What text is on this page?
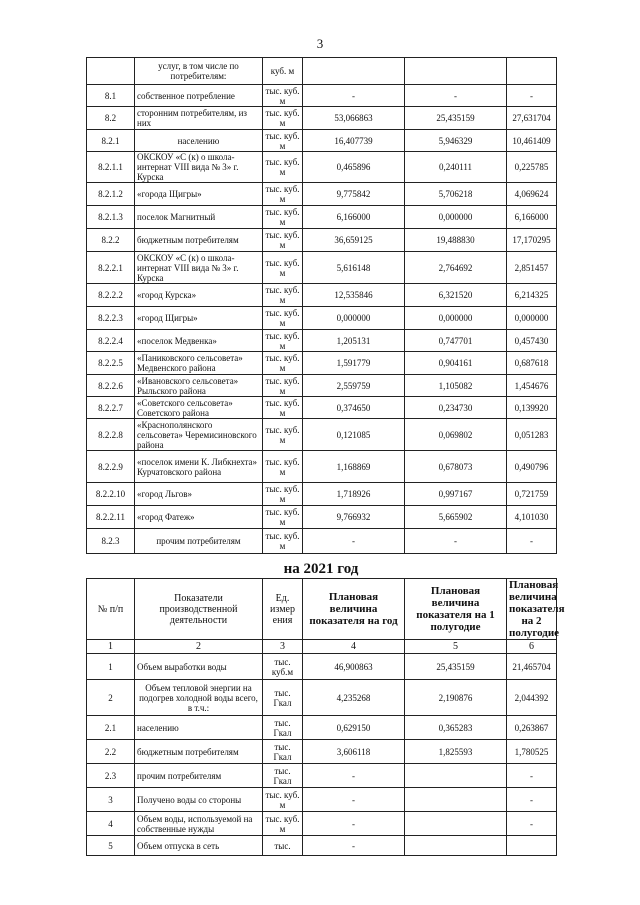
3
	услуг, в том числе по потребителям:	куб. м			
8.1	собственное потребление	тыс. куб. м	-	-	-
8.2	сторонним потребителям, из них	тыс. куб. м	53,066863	25,435159	27,631704
8.2.1	населению	тыс. куб. м	16,407739	5,946329	10,461409
8.2.1.1	ОКСКОУ «С (к) о школа-интернат VIII вида № 3» г. Курска	тыс. куб. м	0,465896	0,240111	0,225785
8.2.1.2	«города Щигры»	тыс. куб. м	9,775842	5,706218	4,069624
8.2.1.3	поселок Магнитный	тыс. куб. м	6,166000	0,000000	6,166000
8.2.2	бюджетным потребителям	тыс. куб. м	36,659125	19,488830	17,170295
8.2.2.1	ОКСКОУ «С (к) о школа-интернат VIII вида № 3» г. Курска	тыс. куб. м	5,616148	2,764692	2,851457
8.2.2.2	«город Курска»	тыс. куб. м	12,535846	6,321520	6,214325
8.2.2.3	«город Щигры»	тыс. куб. м	0,000000	0,000000	0,000000
8.2.2.4	«поселок Медвенка»	тыс. куб. м	1,205131	0,747701	0,457430
8.2.2.5	«Паниковского сельсовета» Медвенского района	тыс. куб. м	1,591779	0,904161	0,687618
8.2.2.6	«Ивановского сельсовета» Рыльского района	тыс. куб. м	2,559759	1,105082	1,454676
8.2.2.7	«Советского сельсовета» Советского района	тыс. куб. м	0,374650	0,234730	0,139920
8.2.2.8	«Краснополянского сельсовета» Черемисиновского района	тыс. куб. м	0,121085	0,069802	0,051283
8.2.2.9	«поселок имени К. Либкнехта» Курчатовского района	тыс. куб. м	1,168869	0,678073	0,490796
8.2.2.10	«город Льгов»	тыс. куб. м	1,718926	0,997167	0,721759
8.2.2.11	«город Фатеж»	тыс. куб. м	9,766932	5,665902	4,101030
8.2.3	прочим потребителям	тыс. куб. м	-	-	-
на 2021 год
№ п/п	Показатели производственной деятельности	Ед. измер ения	Плановая величина показателя на год	Плановая величина показателя на 1 полугодие	Плановая величина показателя на 2 полугодие
1	2	3	4	5	6
1	Объем выработки воды	тыс. куб.м	46,900863	25,435159	21,465704
2	Объем тепловой энергии на подогрев холодной воды всего, в т.ч.:	тыс. Гкал	4,235268	2,190876	2,044392
2.1	населению	тыс. Гкал	0,629150	0,365283	0,263867
2.2	бюджетным потребителям	тыс. Гкал	3,606118	1,825593	1,780525
2.3	прочим потребителям	тыс. Гкал	-		-
3	Получено воды со стороны	тыс. куб. м	-		-
4	Объем воды, используемой на собственные нужды	тыс. куб. м	-		-
5	Объем отпуска в сеть	тыс.	-		
